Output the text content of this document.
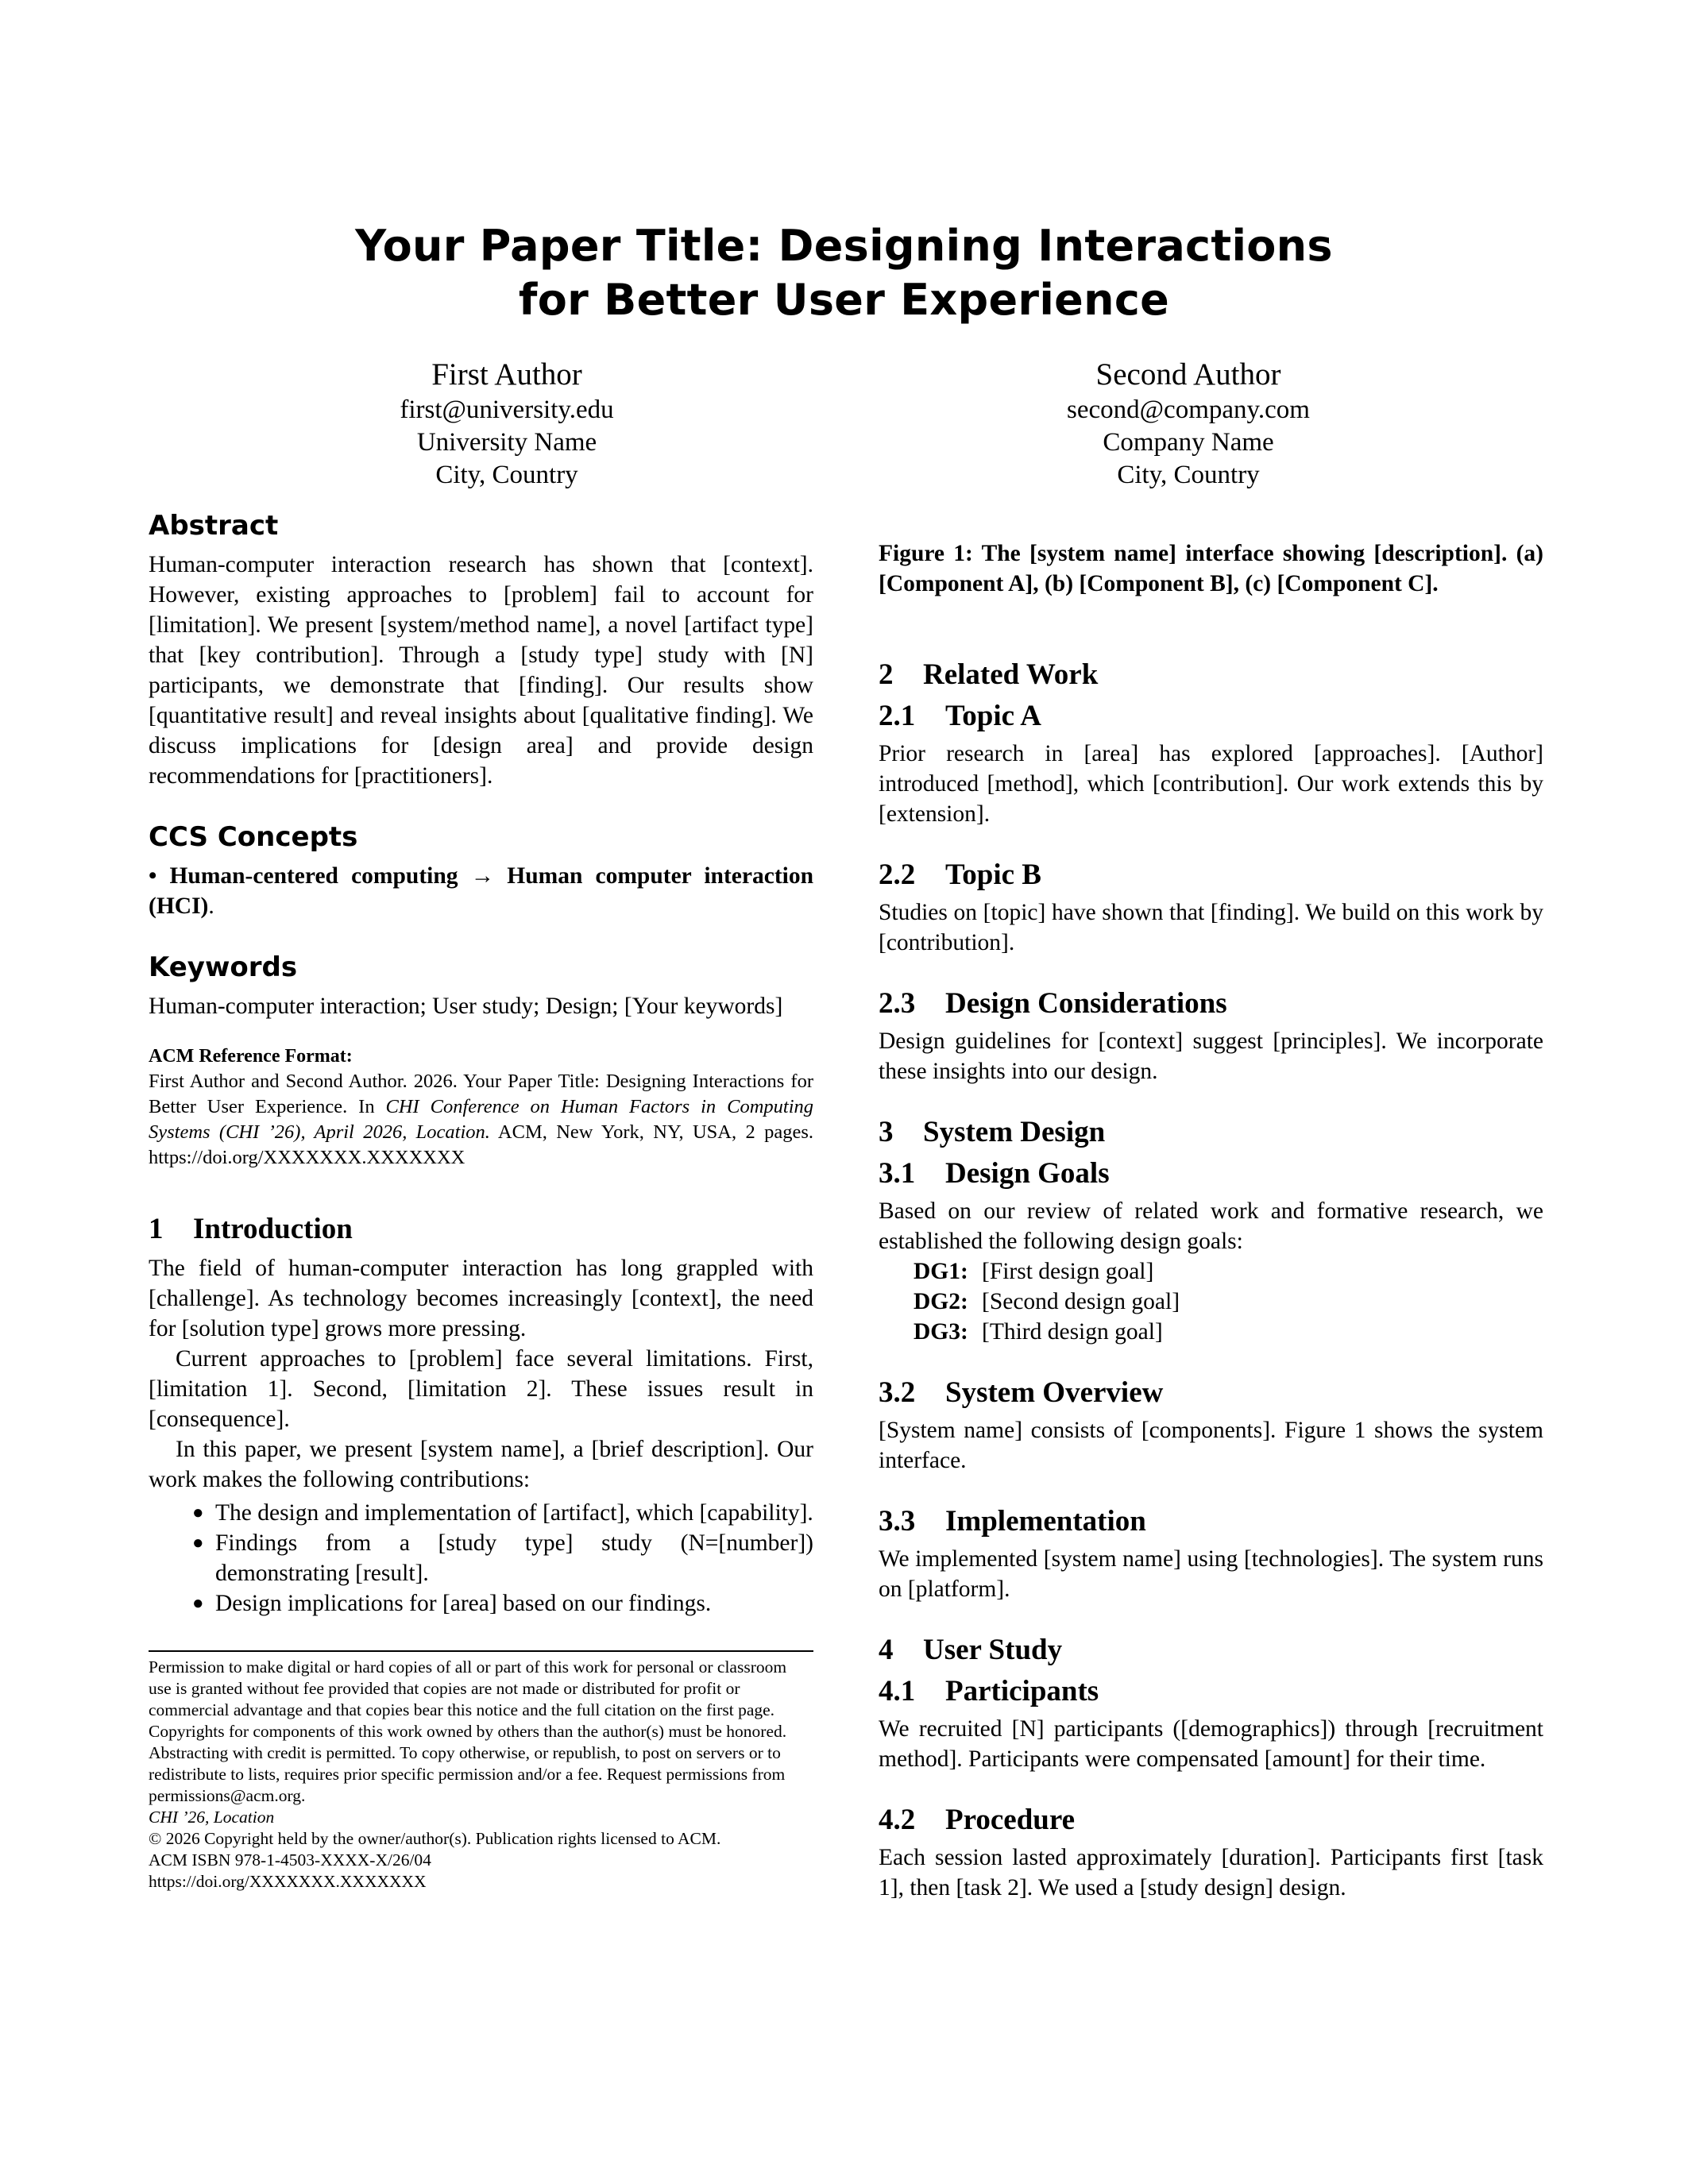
Your Paper Title: Designing Interactions
for Better User Experience
First Author
first@university.edu
University Name
City, Country
Second Author
second@company.com
Company Name
City, Country
Abstract

Human-computer interaction research has shown that [context]. However, existing approaches to [problem] fail to account for [limitation]. We present [system/method name], a novel [artifact type] that [key contribution]. Through a [study type] study with [N] participants, we demonstrate that [finding]. Our results show [quantitative result] and reveal insights about [qualitative finding]. We discuss implications for [design area] and provide design recommendations for [practitioners].

CCS Concepts
• Human-centered computing → Human computer interaction (HCI).
Keywords

Human-computer interaction; User study; Design; [Your keywords]

ACM Reference Format:
First Author and Second Author. 2026. Your Paper Title: Designing Interactions for Better User Experience. In CHI Conference on Human Factors in Computing Systems (CHI ’26), April 2026, Location. ACM, New York, NY, USA, 2 pages. https://doi.org/XXXXXXX.XXXXXXX
1 Introduction

The field of human-computer interaction has long grappled with [challenge]. As technology becomes increasingly [context], the need for [solution type] grows more pressing.

Current approaches to [problem] face several limitations. First, [limitation 1]. Second, [limitation 2]. These issues result in [consequence].

In this paper, we present [system name], a [brief description]. Our work makes the following contributions:

● The design and implementation of [artifact], which [capability].
● Findings from a [study type] study (N=[number]) demonstrating [result].
● Design implications for [area] based on our findings.
Permission to make digital or hard copies of all or part of this work for personal or classroom use is granted without fee provided that copies are not made or distributed for profit or commercial advantage and that copies bear this notice and the full citation on the first page. Copyrights for components of this work owned by others than the author(s) must be honored. Abstracting with credit is permitted. To copy otherwise, or republish, to post on servers or to redistribute to lists, requires prior specific permission and/or a fee. Request permissions from permissions@acm.org.
CHI ’26, Location
© 2026 Copyright held by the owner/author(s). Publication rights licensed to ACM.
ACM ISBN 978-1-4503-XXXX-X/26/04
https://doi.org/XXXXXXX.XXXXXXX
Figure 1: The [system name] interface showing [description]. (a) [Component A], (b) [Component B], (c) [Component C].
2 Related Work
2.1 Topic A

Prior research in [area] has explored [approaches]. [Author] introduced [method], which [contribution]. Our work extends this by [extension].

2.2 Topic B

Studies on [topic] have shown that [finding]. We build on this work by [contribution].

2.3 Design Considerations

Design guidelines for [context] suggest [principles]. We incorporate these insights into our design.

3 System Design
3.1 Design Goals

Based on our review of related work and formative research, we established the following design goals:

DG1: [First design goal]
DG2: [Second design goal]
DG3: [Third design goal]
3.2 System Overview

[System name] consists of [components]. Figure 1 shows the system interface.

3.3 Implementation

We implemented [system name] using [technologies]. The system runs on [platform].

4 User Study
4.1 Participants

We recruited [N] participants ([demographics]) through [recruitment method]. Participants were compensated [amount] for their time.

4.2 Procedure

Each session lasted approximately [duration]. Participants first [task 1], then [task 2]. We used a [study design] design.
